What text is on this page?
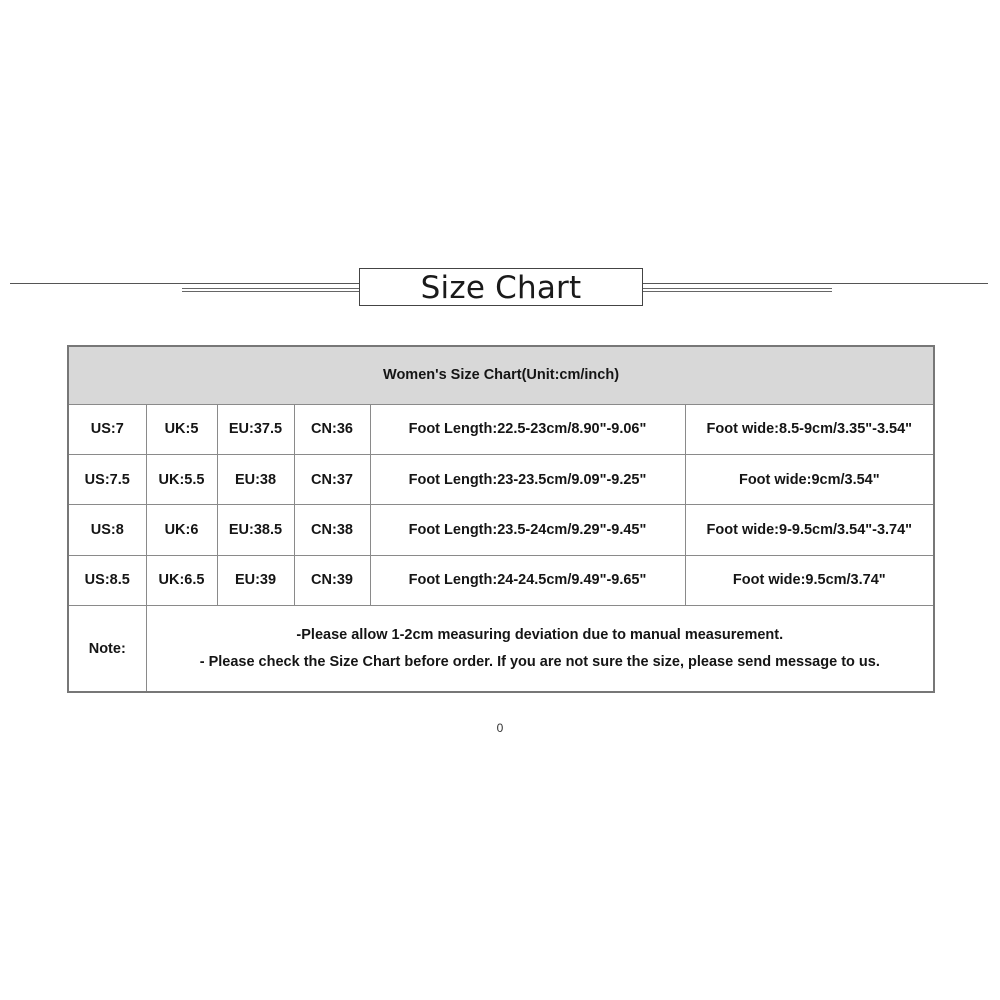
Size Chart
Women's Size Chart(Unit:cm/inch)					
US:7	UK:5	EU:37.5	CN:36	Foot Length:22.5-23cm/8.90"-9.06"	Foot wide:8.5-9cm/3.35"-3.54"
US:7.5	UK:5.5	EU:38	CN:37	Foot Length:23-23.5cm/9.09"-9.25"	Foot wide:9cm/3.54"
US:8	UK:6	EU:38.5	CN:38	Foot Length:23.5-24cm/9.29"-9.45"	Foot wide:9-9.5cm/3.54"-3.74"
US:8.5	UK:6.5	EU:39	CN:39	Foot Length:24-24.5cm/9.49"-9.65"	Foot wide:9.5cm/3.74"
Note:	-Please allow 1-2cm measuring deviation due to manual measurement.
- Please check the Size Chart before order. If you are not sure the size, please send message to us.				
0
